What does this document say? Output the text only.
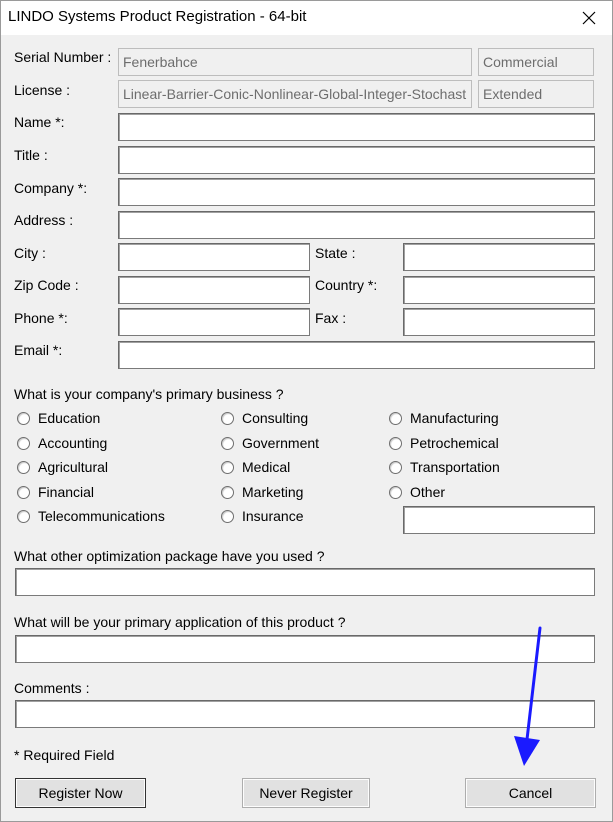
LINDO Systems Product Registration - 64-bit
Serial Number :
Fenerbahce
Commercial
License :
Linear-Barrier-Conic-Nonlinear-Global-Integer-Stochastic
Extended
Name *:
Title :
Company *:
Address :
City :	State :
Zip Code :	Country *:
Phone *:	Fax :
Email *:
What is your company's primary business ?
Education	Consulting	Manufacturing
Accounting	Government	Petrochemical
Agricultural	Medical	Transportation
Financial	Marketing	Other
Telecommunications	Insurance
What other optimization package have you used ?
What will be your primary application of this product ?
Comments :
* Required Field
Register Now	Never Register	Cancel
